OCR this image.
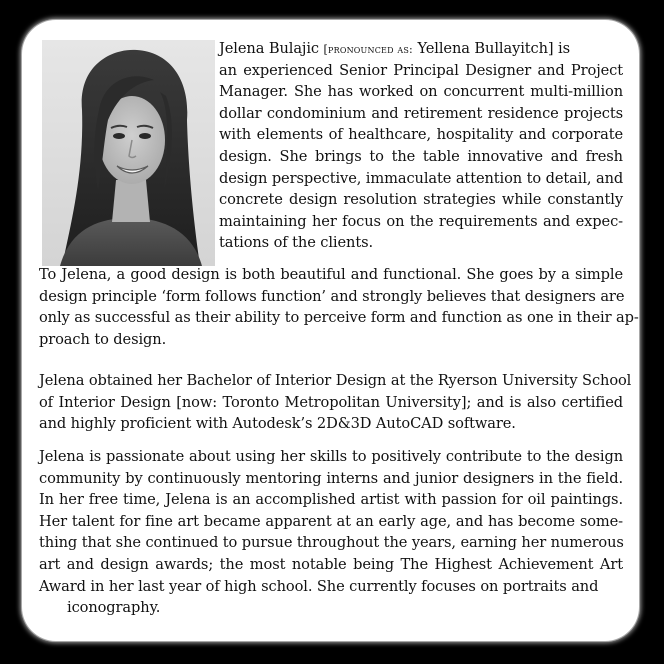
Jelena Bulajic [pronounced as: Yellena Bullayitch] is
an experienced Senior Principal Designer and Project
Manager. She has worked on concurrent multi-million
dollar condominium and retirement residence projects
with elements of healthcare, hospitality and corporate
design. She brings to the table innovative and fresh
design perspective, immaculate attention to detail, and
concrete design resolution strategies while constantly
maintaining her focus on the requirements and expec-
tations of the clients.
To Jelena, a good design is both beautiful and functional. She goes by a simple
design principle ‘form follows function’ and strongly believes that designers are
only as successful as their ability to perceive form and function as one in their ap-
proach to design.
Jelena obtained her Bachelor of Interior Design at the Ryerson University School
of Interior Design [now: Toronto Metropolitan University]; and is also certified
and highly proficient with Autodesk’s 2D&3D AutoCAD software.
Jelena is passionate about using her skills to positively contribute to the design
community by continuously mentoring interns and junior designers in the field.
In her free time, Jelena is an accomplished artist with passion for oil paintings.
Her talent for fine art became apparent at an early age, and has become some-
thing that she continued to pursue throughout the years, earning her numerous
art and design awards; the most notable being The Highest Achievement Art
Award in her last year of high school. She currently focuses on portraits and
iconography.
